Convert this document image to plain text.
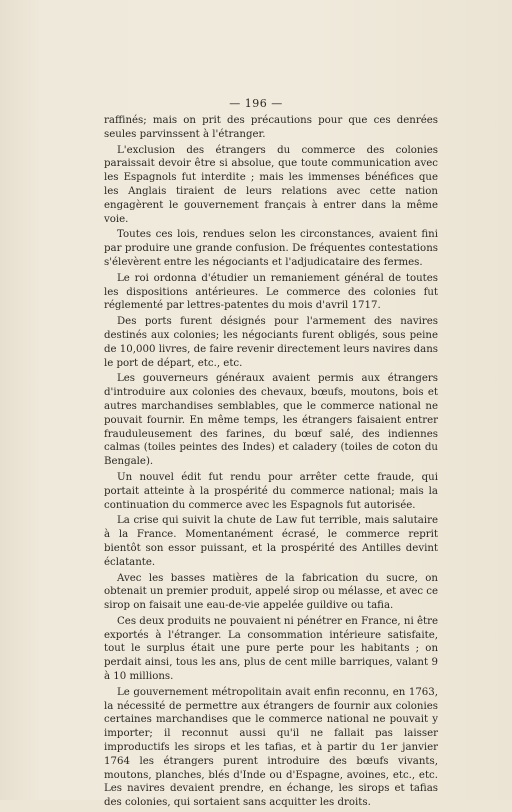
— 196 —

raffinés; mais on prit des précautions pour que ces denrées seules parvinssent à l'étranger.

L'exclusion des étrangers du commerce des colonies paraissait devoir être si absolue, que toute communication avec les Espagnols fut interdite ; mais les immenses bénéfices que les Anglais tiraient de leurs relations avec cette nation engagèrent le gouvernement français à entrer dans la même voie.

Toutes ces lois, rendues selon les circonstances, avaient fini par produire une grande confusion. De fréquentes contestations s'élevèrent entre les négociants et l'adjudicataire des fermes.

Le roi ordonna d'étudier un remaniement général de toutes les dispositions antérieures. Le commerce des colonies fut réglementé par lettres-patentes du mois d'avril 1717.

Des ports furent désignés pour l'armement des navires destinés aux colonies; les négociants furent obligés, sous peine de 10,000 livres, de faire revenir directement leurs navires dans le port de départ, etc., etc.

Les gouverneurs généraux avaient permis aux étrangers d'introduire aux colonies des chevaux, bœufs, moutons, bois et autres marchandises semblables, que le commerce national ne pouvait fournir. En même temps, les étrangers faisaient entrer frauduleusement des farines, du bœuf salé, des indiennes calmas (toiles peintes des Indes) et caladery (toiles de coton du Bengale).

Un nouvel édit fut rendu pour arrêter cette fraude, qui portait atteinte à la prospérité du commerce national; mais la continuation du commerce avec les Espagnols fut autorisée.

La crise qui suivit la chute de Law fut terrible, mais salutaire à la France. Momentanément écrasé, le commerce reprit bientôt son essor puissant, et la prospérité des Antilles devint éclatante.

Avec les basses matières de la fabrication du sucre, on obtenait un premier produit, appelé sirop ou mélasse, et avec ce sirop on faisait une eau-de-vie appelée guildive ou tafia.

Ces deux produits ne pouvaient ni pénétrer en France, ni être exportés à l'étranger. La consommation intérieure satisfaite, tout le surplus était une pure perte pour les habitants ; on perdait ainsi, tous les ans, plus de cent mille barriques, valant 9 à 10 millions.

Le gouvernement métropolitain avait enfin reconnu, en 1763, la nécessité de permettre aux étrangers de fournir aux colonies certaines marchandises que le commerce national ne pouvait y importer; il reconnut aussi qu'il ne fallait pas laisser improductifs les sirops et les tafias, et à partir du 1er janvier 1764 les étrangers purent introduire des bœufs vivants, moutons, planches, blés d'Inde ou d'Espagne, avoines, etc., etc. Les navires devaient prendre, en échange, les sirops et tafias des colonies, qui sortaient sans acquitter les droits.
